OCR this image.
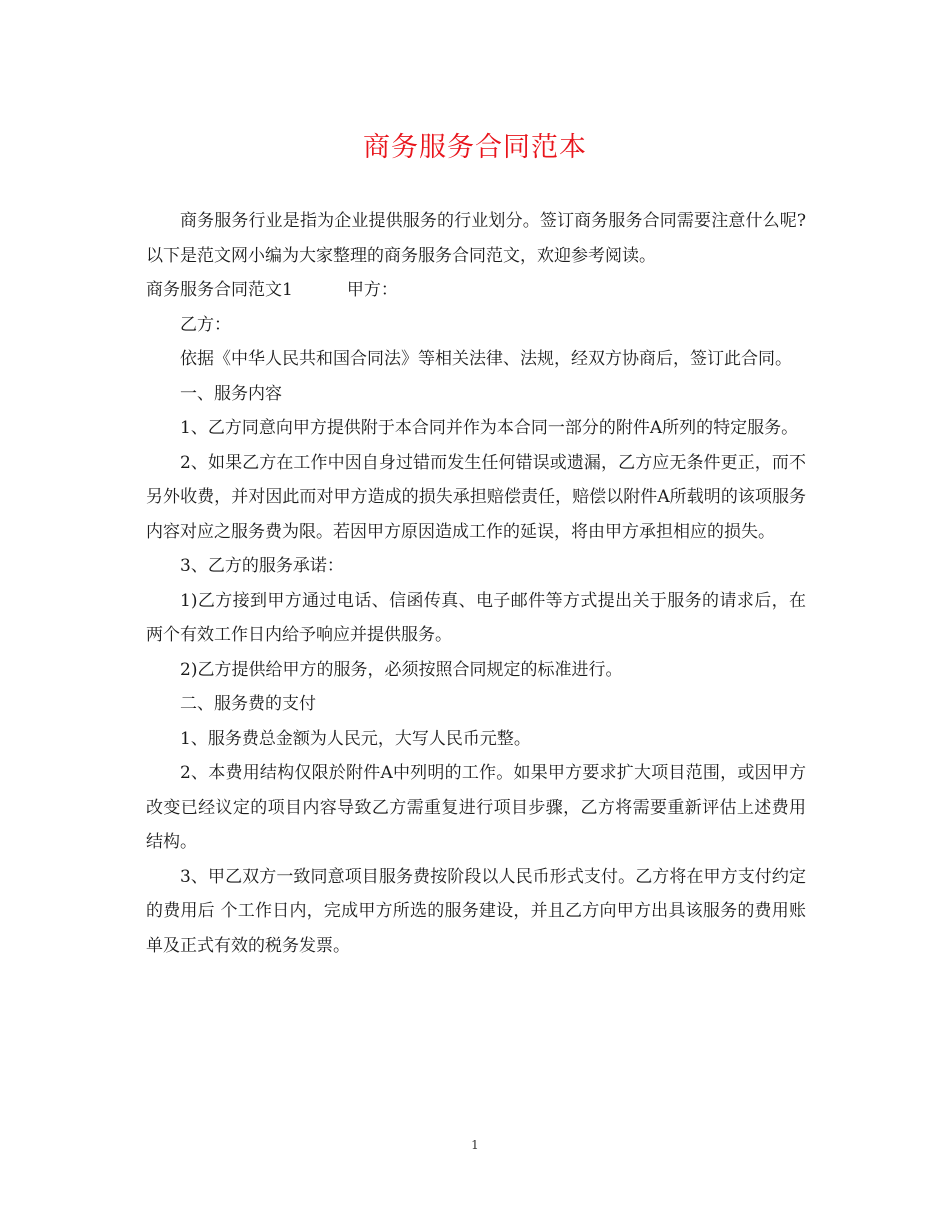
商务服务合同范本

商务服务行业是指为企业提供服务的行业划分。签订商务服务合同需要注意什么呢?以下是范文网小编为大家整理的商务服务合同范文，欢迎参考阅读。

商务服务合同范文1	甲方：

乙方：

依据《中华人民共和国合同法》等相关法律、法规，经双方协商后，签订此合同。

一、服务内容

1、乙方同意向甲方提供附于本合同并作为本合同一部分的附件A所列的特定服务。

2、如果乙方在工作中因自身过错而发生任何错误或遗漏，乙方应无条件更正，而不另外收费，并对因此而对甲方造成的损失承担赔偿责任，赔偿以附件A所载明的该项服务内容对应之服务费为限。若因甲方原因造成工作的延误，将由甲方承担相应的损失。

3、乙方的服务承诺：

1)乙方接到甲方通过电话、信函传真、电子邮件等方式提出关于服务的请求后，在两个有效工作日内给予响应并提供服务。

2)乙方提供给甲方的服务，必须按照合同规定的标准进行。

二、服务费的支付

1、服务费总金额为人民元，大写人民币元整。

2、本费用结构仅限於附件A中列明的工作。如果甲方要求扩大项目范围，或因甲方改变已经议定的项目内容导致乙方需重复进行项目步骤，乙方将需要重新评估上述费用结构。

3、甲乙双方一致同意项目服务费按阶段以人民币形式支付。乙方将在甲方支付约定的费用后 个工作日内，完成甲方所选的服务建设，并且乙方向甲方出具该服务的费用账单及正式有效的税务发票。

1
